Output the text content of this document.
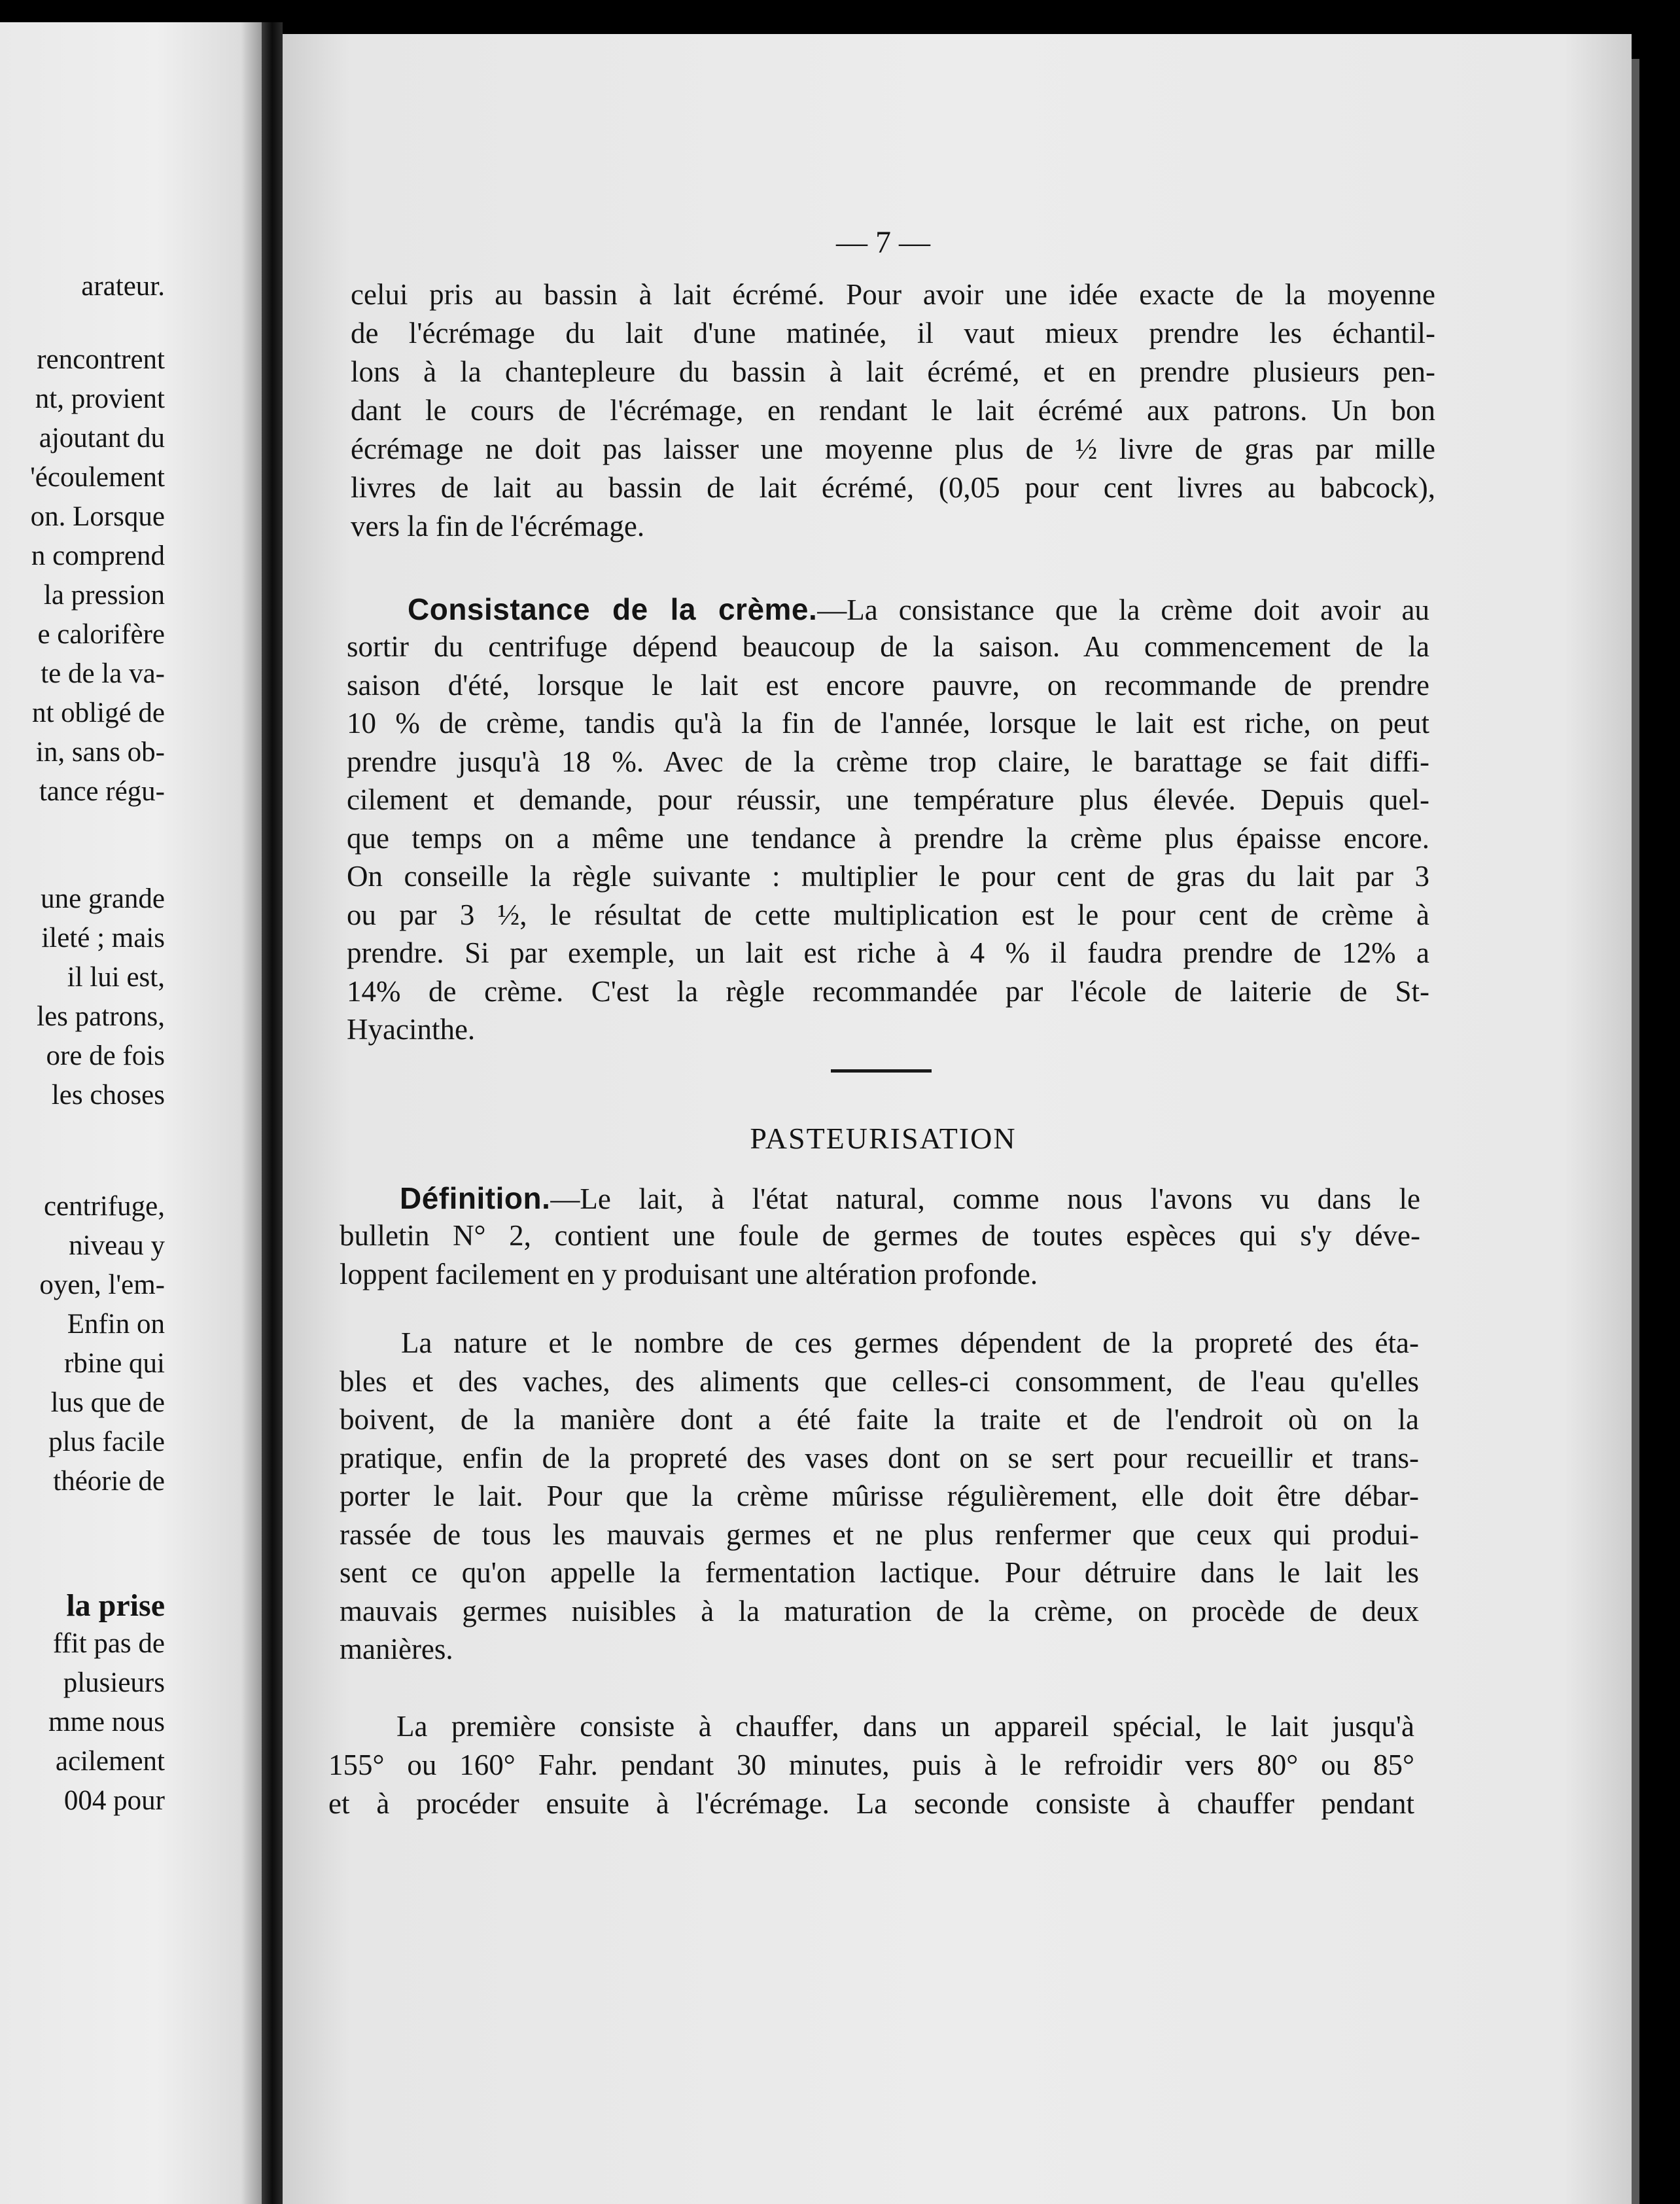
— 7 —
celui pris au bassin à lait écrémé. Pour avoir une idée exacte de la moyenne
de l'écrémage du lait d'une matinée, il vaut mieux prendre les échantil-
lons à la chantepleure du bassin à lait écrémé, et en prendre plusieurs pen-
dant le cours de l'écrémage, en rendant le lait écrémé aux patrons. Un bon
écrémage ne doit pas laisser une moyenne plus de ½ livre de gras par mille
livres de lait au bassin de lait écrémé, (0,05 pour cent livres au babcock),
vers la fin de l'écrémage.
Consistance de la crème.—La consistance que la crème doit avoir au
sortir du centrifuge dépend beaucoup de la saison. Au commencement de la
saison d'été, lorsque le lait est encore pauvre, on recommande de prendre
10 % de crème, tandis qu'à la fin de l'année, lorsque le lait est riche, on peut
prendre jusqu'à 18 %. Avec de la crème trop claire, le barattage se fait diffi-
cilement et demande, pour réussir, une température plus élevée. Depuis quel-
que temps on a même une tendance à prendre la crème plus épaisse encore.
On conseille la règle suivante : multiplier le pour cent de gras du lait par 3
ou par 3 ½, le résultat de cette multiplication est le pour cent de crème à
prendre. Si par exemple, un lait est riche à 4 % il faudra prendre de 12% a
14% de crème. C'est la règle recommandée par l'école de laiterie de St-
Hyacinthe.
PASTEURISATION
Définition.—Le lait, à l'état natural, comme nous l'avons vu dans le
bulletin N° 2, contient une foule de germes de toutes espèces qui s'y déve-
loppent facilement en y produisant une altération profonde.
La nature et le nombre de ces germes dépendent de la propreté des éta-
bles et des vaches, des aliments que celles-ci consomment, de l'eau qu'elles
boivent, de la manière dont a été faite la traite et de l'endroit où on la
pratique, enfin de la propreté des vases dont on se sert pour recueillir et trans-
porter le lait. Pour que la crème mûrisse régulièrement, elle doit être débar-
rassée de tous les mauvais germes et ne plus renfermer que ceux qui produi-
sent ce qu'on appelle la fermentation lactique. Pour détruire dans le lait les
mauvais germes nuisibles à la maturation de la crème, on procède de deux
manières.
La première consiste à chauffer, dans un appareil spécial, le lait jusqu'à
155° ou 160° Fahr. pendant 30 minutes, puis à le refroidir vers 80° ou 85°
et à procéder ensuite à l'écrémage. La seconde consiste à chauffer pendant
arateur.
rencontrent
nt, provient
ajoutant du
'écoulement
on. Lorsque
n comprend
la pression
e calorifère
te de la va-
nt obligé de
in, sans ob-
tance régu-
une grande
ileté ; mais
il lui est,
les patrons,
ore de fois
les choses
centrifuge,
niveau y
oyen, l'em-
Enfin on
rbine qui
lus que de
plus facile
théorie de
la prise
ffit pas de
plusieurs
mme nous
acilement
004 pour
